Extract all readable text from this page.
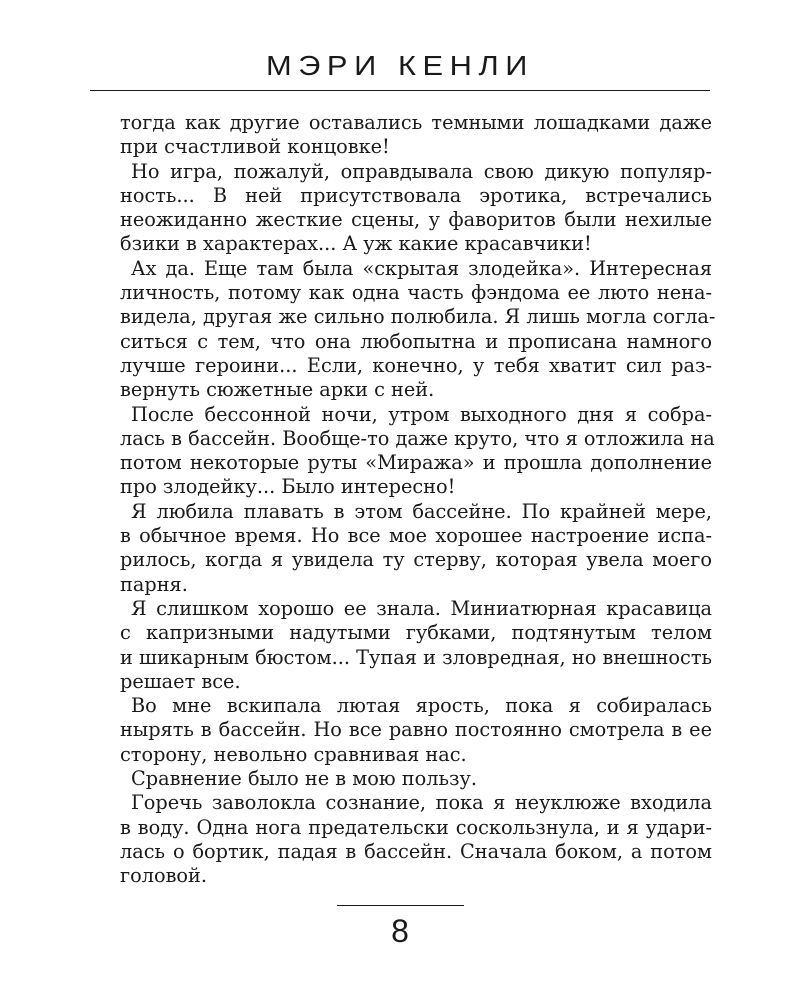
МЭРИ КЕНЛИ
тогда как другие оставались темными лошадками даже
при счастливой концовке!
Но игра, пожалуй, оправдывала свою дикую популяр-
ность... В ней присутствовала эротика, встречались
неожиданно жесткие сцены, у фаворитов были нехилые
бзики в характерах... А уж какие красавчики!
Ах да. Еще там была «скрытая злодейка». Интересная
личность, потому как одна часть фэндома ее люто нена-
видела, другая же сильно полюбила. Я лишь могла согла-
ситься с тем, что она любопытна и прописана намного
лучше героини... Если, конечно, у тебя хватит сил раз-
вернуть сюжетные арки с ней.
После бессонной ночи, утром выходного дня я собра-
лась в бассейн. Вообще-то даже круто, что я отложила на
потом некоторые руты «Миража» и прошла дополнение
про злодейку... Было интересно!
Я любила плавать в этом бассейне. По крайней мере,
в обычное время. Но все мое хорошее настроение испа-
рилось, когда я увидела ту стерву, которая увела моего
парня.
Я слишком хорошо ее знала. Миниатюрная красавица
с капризными надутыми губками, подтянутым телом
и шикарным бюстом... Тупая и зловредная, но внешность
решает все.
Во мне вскипала лютая ярость, пока я собиралась
нырять в бассейн. Но все равно постоянно смотрела в ее
сторону, невольно сравнивая нас.
Сравнение было не в мою пользу.
Горечь заволокла сознание, пока я неуклюже входила
в воду. Одна нога предательски соскользнула, и я удари-
лась о бортик, падая в бассейн. Сначала боком, а потом
головой.
8
